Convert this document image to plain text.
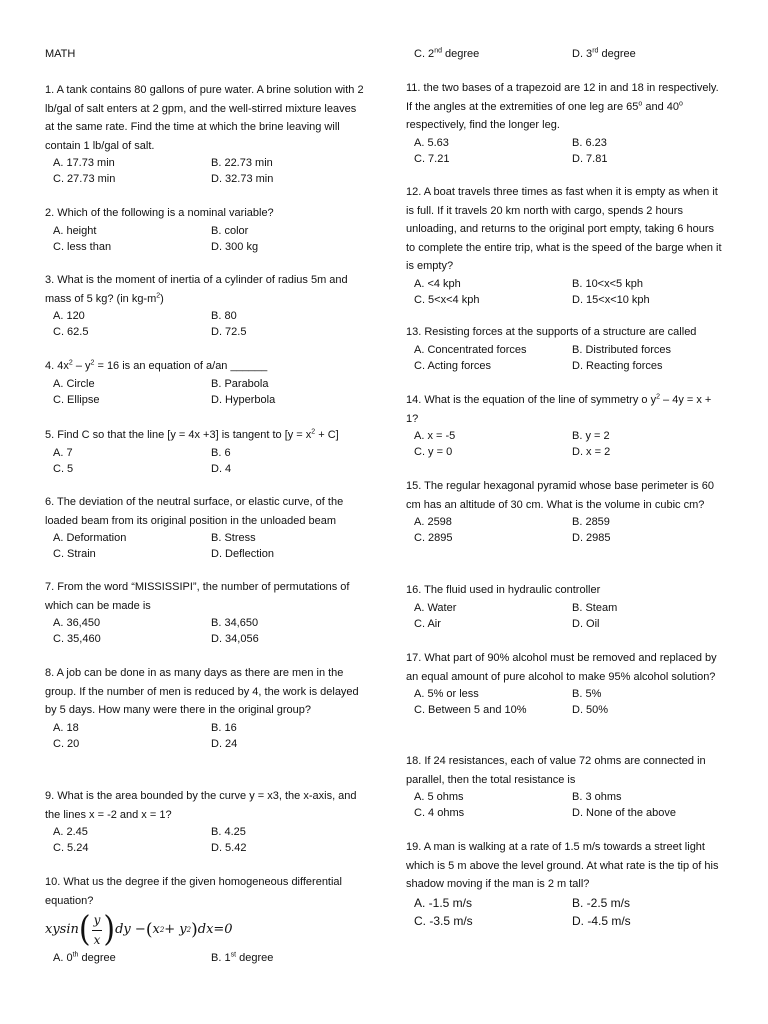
MATH
1. A tank contains 80 gallons of pure water. A brine solution with 2 lb/gal of salt enters at 2 gpm, and the well-stirred mixture leaves at the same rate. Find the time at which the brine leaving will contain 1 lb/gal of salt.
A. 17.73 min	B. 22.73 min
C. 27.73 min	D. 32.73 min
2. Which of the following is a nominal variable?
A. height	B. color
C. less than	D. 300 kg
3. What is the moment of inertia of a cylinder of radius 5m and mass of 5 kg? (in $kg-m^2$)
A. 120	B. 80
C. 62.5	D. 72.5
4. $4x^2 - y^2 = 16$ is an equation of a/an ______
A. Circle	B. Parabola
C. Ellipse	D. Hyperbola
5. Find C so that the line [y = 4x +3] is tangent to $[y = x^2 + C]$
A. 7	B. 6
C. 5	D. 4
6. The deviation of the neutral surface, or elastic curve, of the loaded beam from its original position in the unloaded beam
A. Deformation	B. Stress
C. Strain	D. Deflection
7. From the word “MISSISSIPI”, the number of permutations of which can be made is
A. 36,450	B. 34,650
C. 35,460	D. 34,056
8. A job can be done in as many days as there are men in the group. If the number of men is reduced by 4, the work is delayed by 5 days. How many were there in the original group?
A. 18	B. 16
C. 20	D. 24
9. What is the area bounded by the curve y = x3, the x-axis, and the lines x = -2 and x = 1?
A. 2.45	B. 4.25
C. 5.24	D. 5.42
10. What us the degree if the given homogeneous differential equation?
xysin ( $\frac{y}{x}$ ) dy
− ( x 2 + y 2 ) dx=0
A. 0th degree	B. 1st degree
C. 2nd degree	D. 3rd degree
11. the two bases of a trapezoid are 12 in and 18 in respectively. If the angles at the extremities of one leg are 65$^o$ and 40$^o$ respectively, find the longer leg.
A. 5.63	B. 6.23
C. 7.21	D. 7.81
12. A boat travels three times as fast when it is empty as when it is full. If it travels 20 km north with cargo, spends 2 hours unloading, and returns to the original port empty, taking 6 hours to complete the entire trip, what is the speed of the barge when it is empty?
A. <4 kph	B. 10<x<5 kph
C. 5<x<4 kph	D. 15<x<10 kph
13. Resisting forces at the supports of a structure are called
A. Concentrated forces	B. Distributed forces
C. Acting forces	D. Reacting forces
14. What is the equation of the line of symmetry o $y^2 - 4y = x + 1$?
A. x = -5	B. y = 2
C. y = 0	D. x = 2
15. The regular hexagonal pyramid whose base perimeter is 60 cm has an altitude of 30 cm. What is the volume in cubic cm?
A. 2598	B. 2859
C. 2895	D. 2985
16. The fluid used in hydraulic controller
A. Water	B. Steam
C. Air	D. Oil
17. What part of 90% alcohol must be removed and replaced by an equal amount of pure alcohol to make 95% alcohol solution?
A. 5% or less	B. 5%
C. Between 5 and 10%	D. 50%
18. If 24 resistances, each of value 72 ohms are connected in parallel, then the total resistance is
A. 5 ohms	B. 3 ohms
C. 4 ohms	D. None of the above
19. A man is walking at a rate of 1.5 m/s towards a street light which is 5 m above the level ground. At what rate is the tip of his shadow moving if the man is 2 m tall?
A. -1.5 m/s	B. -2.5 m/s
C. -3.5 m/s	D. -4.5 m/s
